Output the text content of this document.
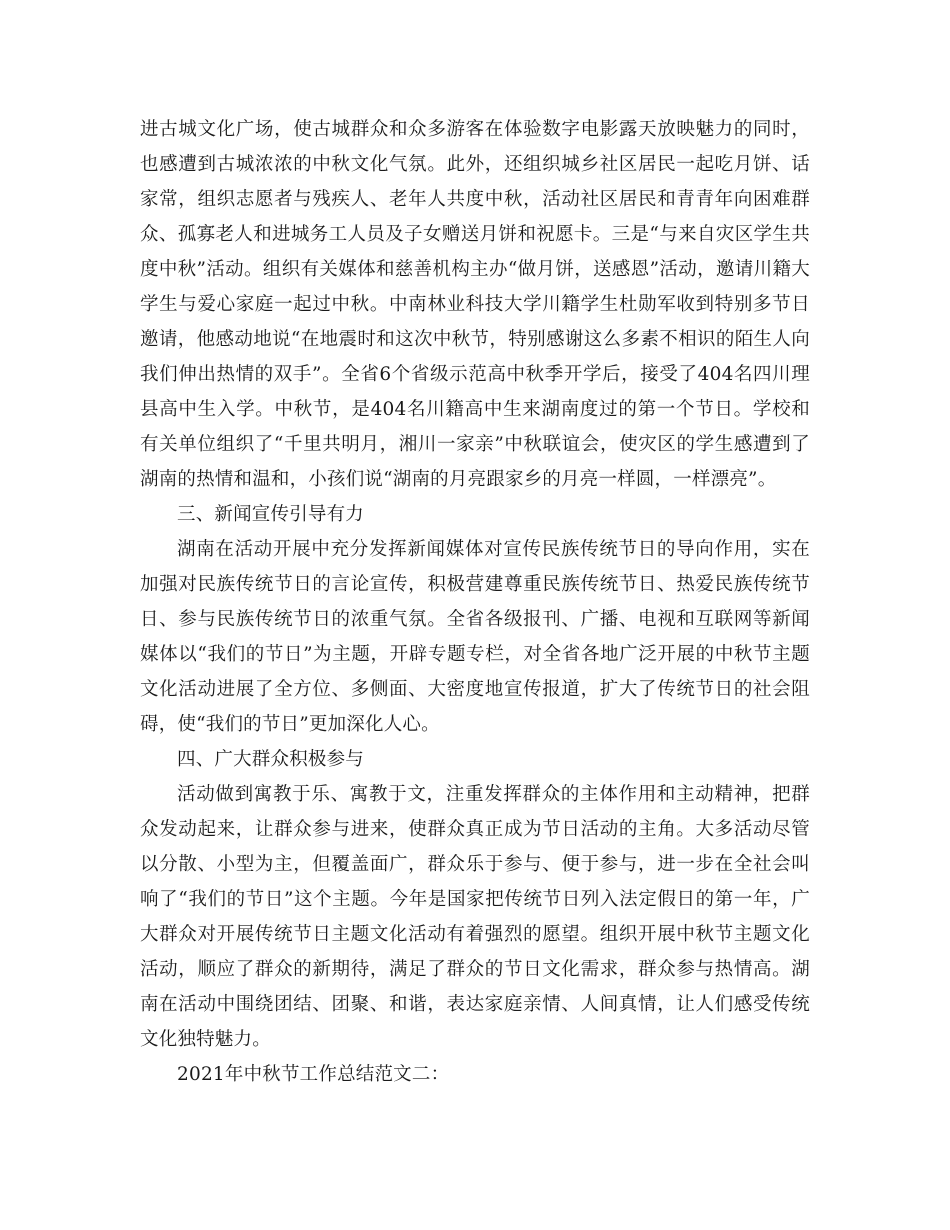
进古城文化广场，使古城群众和众多游客在体验数字电影露天放映魅力的同时，也感遭到古城浓浓的中秋文化气氛。此外，还组织城乡社区居民一起吃月饼、话家常，组织志愿者与残疾人、老年人共度中秋，活动社区居民和青青年向困难群众、孤寡老人和进城务工人员及子女赠送月饼和祝愿卡。三是“与来自灾区学生共度中秋”活动。组织有关媒体和慈善机构主办“做月饼，送感恩”活动，邀请川籍大学生与爱心家庭一起过中秋。中南林业科技大学川籍学生杜勋军收到特别多节日邀请，他感动地说“在地震时和这次中秋节，特别感谢这么多素不相识的陌生人向我们伸出热情的双手”。全省6个省级示范高中秋季开学后，接受了404名四川理县高中生入学。中秋节，是404名川籍高中生来湖南度过的第一个节日。学校和有关单位组织了“千里共明月，湘川一家亲”中秋联谊会，使灾区的学生感遭到了湖南的热情和温和，小孩们说“湖南的月亮跟家乡的月亮一样圆，一样漂亮”。

三、新闻宣传引导有力

湖南在活动开展中充分发挥新闻媒体对宣传民族传统节日的导向作用，实在加强对民族传统节日的言论宣传，积极营建尊重民族传统节日、热爱民族传统节日、参与民族传统节日的浓重气氛。全省各级报刊、广播、电视和互联网等新闻媒体以“我们的节日”为主题，开辟专题专栏，对全省各地广泛开展的中秋节主题文化活动进展了全方位、多侧面、大密度地宣传报道，扩大了传统节日的社会阻碍，使“我们的节日”更加深化人心。

四、广大群众积极参与

活动做到寓教于乐、寓教于文，注重发挥群众的主体作用和主动精神，把群众发动起来，让群众参与进来，使群众真正成为节日活动的主角。大多活动尽管以分散、小型为主，但覆盖面广，群众乐于参与、便于参与，进一步在全社会叫响了“我们的节日”这个主题。今年是国家把传统节日列入法定假日的第一年，广大群众对开展传统节日主题文化活动有着强烈的愿望。组织开展中秋节主题文化活动，顺应了群众的新期待，满足了群众的节日文化需求，群众参与热情高。湖南在活动中围绕团结、团聚、和谐，表达家庭亲情、人间真情，让人们感受传统文化独特魅力。

2021年中秋节工作总结范文二：
